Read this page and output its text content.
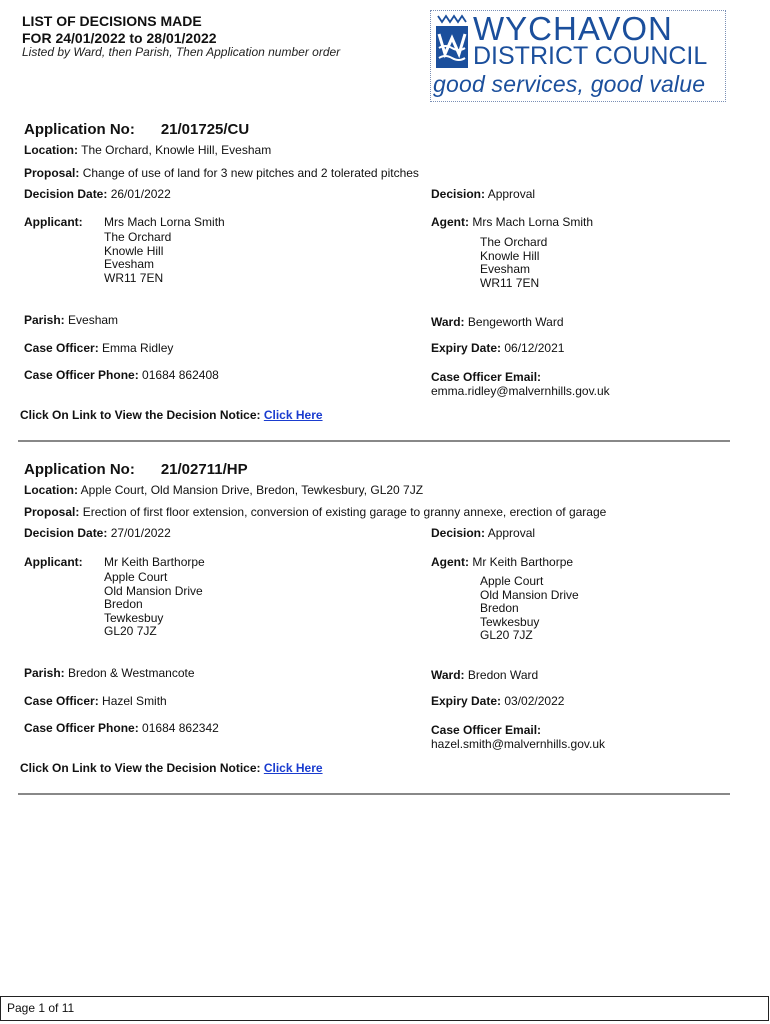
LIST OF DECISIONS MADE
FOR 24/01/2022 to 28/01/2022
Listed by Ward, then Parish, Then Application number order
WYCHAVON
DISTRICT COUNCIL
good services, good value
Application No: 21/01725/CU
Location: The Orchard, Knowle Hill, Evesham
Proposal: Change of use of land for 3 new pitches and 2 tolerated pitches
Decision Date: 26/01/2022	Decision: Approval
Applicant: Mrs Mach Lorna Smith
The Orchard
Knowle Hill
Evesham
WR11 7EN
Agent: Mrs Mach Lorna Smith
The Orchard
Knowle Hill
Evesham
WR11 7EN
Parish: Evesham	Ward: Bengeworth Ward
Case Officer: Emma Ridley	Expiry Date: 06/12/2021
Case Officer Phone: 01684 862408	Case Officer Email:
emma.ridley@malvernhills.gov.uk
Click On Link to View the Decision Notice: Click Here
Application No: 21/02711/HP
Location: Apple Court, Old Mansion Drive, Bredon, Tewkesbury, GL20 7JZ
Proposal: Erection of first floor extension, conversion of existing garage to granny annexe, erection of garage
Decision Date: 27/01/2022	Decision: Approval
Applicant: Mr Keith Barthorpe
Apple Court
Old Mansion Drive
Bredon
Tewkesbuy
GL20 7JZ
Agent: Mr Keith Barthorpe
Apple Court
Old Mansion Drive
Bredon
Tewkesbuy
GL20 7JZ
Parish: Bredon & Westmancote	Ward: Bredon Ward
Case Officer: Hazel Smith	Expiry Date: 03/02/2022
Case Officer Phone: 01684 862342	Case Officer Email:
hazel.smith@malvernhills.gov.uk
Click On Link to View the Decision Notice: Click Here
Page 1 of 11
